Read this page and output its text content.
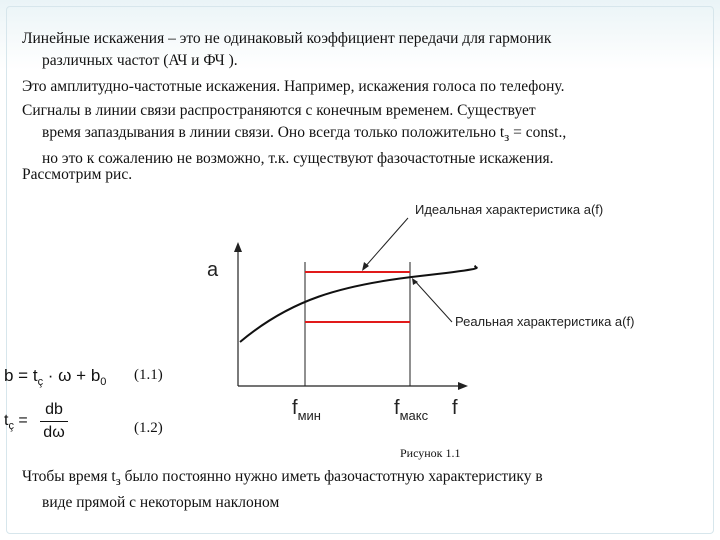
Линейные искажения – это не одинаковый коэффициент передачи для гармоник
различных частот (АЧ и ФЧ ).

Это амплитудно-частотные искажения. Например, искажения голоса по телефону.

Сигналы в линии связи распространяются с конечным временем. Существует
время запаздывания в линии связи. Оно всегда только положительно $t_з$ = const.,
но это к сожалению не возможно, т.к. существуют фазочастотные искажения.

Рассмотрим рис.

Идеальная характеристика a(f)
Реальная характеристика a(f)
a
f
$f_{мин}$	$f_{макс}$
$b = t_ç \cdot \omega + b_0$ (1.1)
$t_ç$ =
db
dω	(1.2)
Рисунок 1.1

Чтобы время $t_з$ было постоянно нужно иметь фазочастотную характеристику в
виде прямой с некоторым наклоном
